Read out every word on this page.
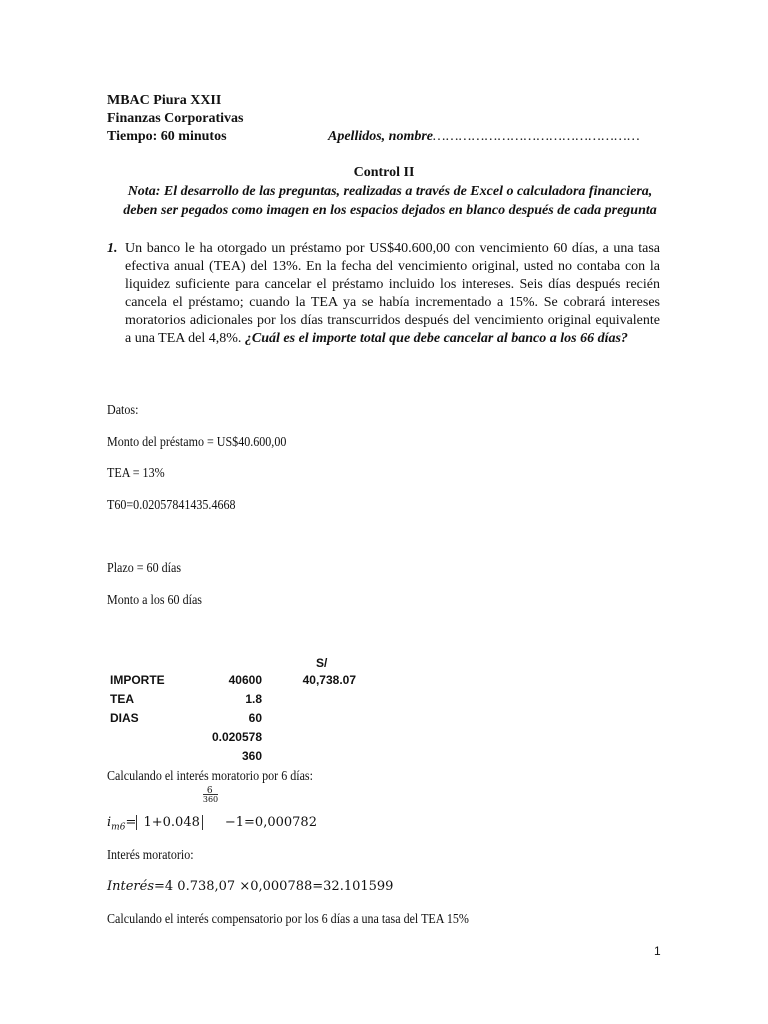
MBAC Piura XXII
Finanzas Corporativas
Tiempo: 60 minutos	Apellidos, nombre…………………………………………
Control II
Nota: El desarrollo de las preguntas, realizadas a través de Excel o calculadora financiera,
deben ser pegados como imagen en los espacios dejados en blanco después de cada pregunta
1. Un banco le ha otorgado un préstamo por US$40.600,00 con vencimiento 60 días, a una tasa efectiva anual (TEA) del 13%. En la fecha del vencimiento original, usted no contaba con la liquidez suficiente para cancelar el préstamo incluido los intereses. Seis días después recién cancela el préstamo; cuando la TEA ya se había incrementado a 15%. Se cobrará intereses moratorios adicionales por los días transcurridos después del vencimiento original equivalente a una TEA del 4,8%. ¿Cuál es el importe total que debe cancelar al banco a los 66 días?
Datos:
Monto del préstamo = US$40.600,00
TEA = 13%
T60=0.02057841435.4668
Plazo = 60 días
Monto a los 60 días
S/
IMPORTE	40600	40,738.07
TEA	1.8	
DIAS	60	
	0.020578	
	360	
Calculando el interés moratorio por 6 días:
$i_{m6}= 1+0.048$
6
360
−1=0,000782
Interés moratorio:
Interés=4 0.738,07 ×0,000788=32.101599
Calculando el interés compensatorio por los 6 días a una tasa del TEA 15%
1
